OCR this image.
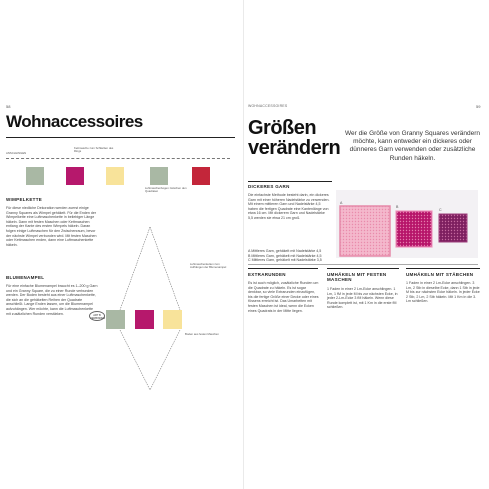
58
Wohnaccessoires
ANSCHLINGEN
Kettmasche zum Schließen des Rings
Luftmaschenbogen zwischen den Quadraten
WIMPELKETTE
Für diese niedliche Dekoration werden zuerst einige Granny Squares als Wimpel gehäkelt. Für die Enden der Wimpelkette eine Luftmaschenkette in beliebiger Länge häkeln. Dann mit festen Maschen oder Kettmaschen entlang der Kante des ersten Wimpels häkeln. Daran folgen einige Luftmaschen für den Zwischenraum, bevor der nächste Wimpel verbunden wird. Mit festen Maschen oder Kettmaschen enden, dann eine Luftmaschenkette häkeln.
BLUMENAMPEL
Für eine einfache Blumenampel braucht es 1–200 g Garn und ein Granny Square, die zu einer Runde verbunden werden. Der Boden besteht aus einer Luftmaschenkette, die sich an die gehäkelten Reihen der Quadrate anschließt. Lange Enden lassen, um die Blumenampel aufzuhängen. Wer möchte, kann die Luftmaschenkette mit zusätzlichen Runden verstärken.	ART B VERBINDEN
Luftmaschenketten zum Aufhängen der Blumenampel
Boden aus festen Maschen
59
WOHNACCESSOIRES
Größen
verändern
Wer die Größe von Granny Squares verändern möchte, kann entweder ein dickeres oder dünneres Garn verwenden oder zusätzliche Runden häkeln.
DICKERES GARN
Die einfachste Methode besteht darin, ein dickeres Garn mit einer höheren Nadelstärke zu verwenden. Mit einem mittleren Garn und Nadelstärke 4,5 haben die fertigen Quadrate eine Kantenlänge von etwa 16 cm. Mit dickerem Garn und Nadelstärke 5,5 werden sie etwa 21 cm groß.
A Mittleres Garn, gehäkelt mit Nadelstärke 4,5
B Mittleres Garn, gehäkelt mit Nadelstärke 4,5
C Mittleres Garn, gehäkelt mit Nadelstärke 3,5
A
B
C
EXTRARUNDEN
Es ist auch möglich, zusätzliche Runden um die Quadrate zu häkeln. Es ist sogar denkbar, so viele Extrarunden einzufügen, bis die fertige Größe einer Decke oder eines Kissens erreicht ist. Das Umarbeiten mit festen Maschen ist ideal, wenn die Ecken eines Quadrats in der Mitte liegen.
UMHÄKELN MIT FESTEN MASCHEN
1 Faden in einer 2 Lm-Ecke anschlingen. 1 Lm, 1 fM in jede M bis zur nächsten Ecke, in jeder 2-Lm-Ecke 3 fM häkeln. Wenn diese Runde komplett ist, mit 1 Km in die erste fM schließen.
UMHÄKELN MIT STÄBCHEN
1 Faden in einer 2 Lm-Ecke anschlingen. 3 Lm, 2 Stb in dieselbe Ecke, dann 1 Stb in jede M bis zur nächsten Ecke häkeln. In jeder Ecke 2 Stb, 2 Lm, 2 Stb häkeln. Mit 1 Km in die 3. Lm schließen.
